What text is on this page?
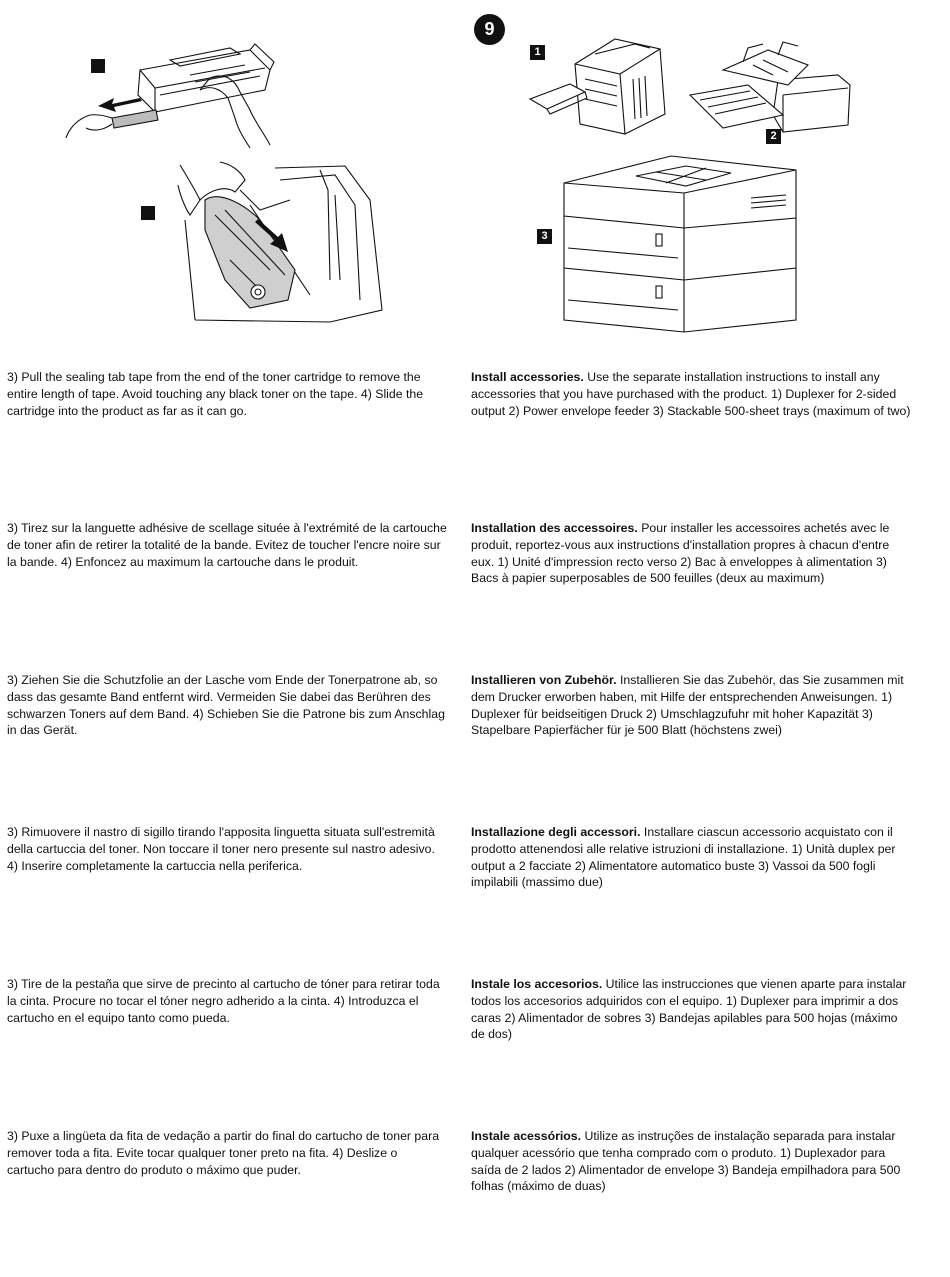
9
1
2
3

3) Pull the sealing tab tape from the end of the toner cartridge to remove the entire length of tape. Avoid touching any black toner on the tape. 4) Slide the cartridge into the product as far as it can go.

Install accessories. Use the separate installation instructions to install any accessories that you have purchased with the product. 1) Duplexer for 2-sided output 2) Power envelope feeder 3) Stackable 500-sheet trays (maximum of two)

3) Tirez sur la languette adhésive de scellage située à l'extrémité de la cartouche de toner afin de retirer la totalité de la bande. Evitez de toucher l'encre noire sur la bande. 4) Enfoncez au maximum la cartouche dans le produit.

Installation des accessoires. Pour installer les accessoires achetés avec le produit, reportez-vous aux instructions d'installation propres à chacun d'entre eux. 1) Unité d'impression recto verso 2) Bac à enveloppes à alimentation 3) Bacs à papier superposables de 500 feuilles (deux au maximum)

3) Ziehen Sie die Schutzfolie an der Lasche vom Ende der Tonerpatrone ab, so dass das gesamte Band entfernt wird. Vermeiden Sie dabei das Berühren des schwarzen Toners auf dem Band. 4) Schieben Sie die Patrone bis zum Anschlag in das Gerät.

Installieren von Zubehör. Installieren Sie das Zubehör, das Sie zusammen mit dem Drucker erworben haben, mit Hilfe der entsprechenden Anweisungen. 1) Duplexer für beidseitigen Druck 2) Umschlagzufuhr mit hoher Kapazität 3) Stapelbare Papierfächer für je 500 Blatt (höchstens zwei)

3) Rimuovere il nastro di sigillo tirando l'apposita linguetta situata sull'estremità della cartuccia del toner. Non toccare il toner nero presente sul nastro adesivo. 4) Inserire completamente la cartuccia nella periferica.

Installazione degli accessori. Installare ciascun accessorio acquistato con il prodotto attenendosi alle relative istruzioni di installazione. 1) Unità duplex per output a 2 facciate 2) Alimentatore automatico buste 3) Vassoi da 500 fogli impilabili (massimo due)

3) Tire de la pestaña que sirve de precinto al cartucho de tóner para retirar toda la cinta. Procure no tocar el tóner negro adherido a la cinta. 4) Introduzca el cartucho en el equipo tanto como pueda.

Instale los accesorios. Utilice las instrucciones que vienen aparte para instalar todos los accesorios adquiridos con el equipo. 1) Duplexer para imprimir a dos caras 2) Alimentador de sobres 3) Bandejas apilables para 500 hojas (máximo de dos)

3) Puxe a lingüeta da fita de vedação a partir do final do cartucho de toner para remover toda a fita. Evite tocar qualquer toner preto na fita. 4) Deslize o cartucho para dentro do produto o máximo que puder.

Instale acessórios. Utilize as instruções de instalação separada para instalar qualquer acessório que tenha comprado com o produto. 1) Duplexador para saída de 2 lados 2) Alimentador de envelope 3) Bandeja empilhadora para 500 folhas (máximo de duas)
